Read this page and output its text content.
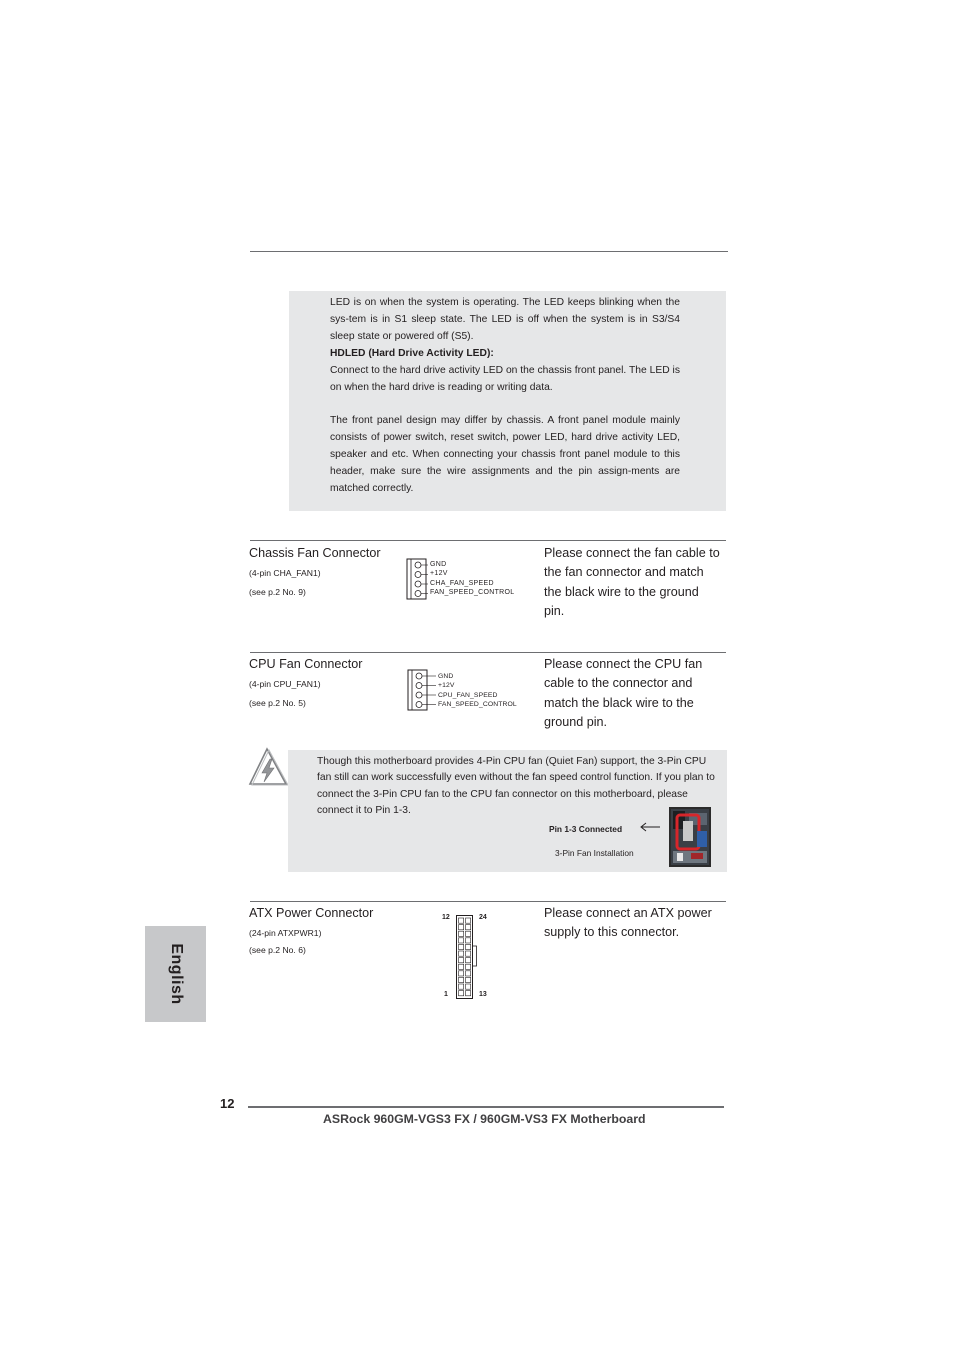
LED is on when the system is operating. The LED keeps blinking when the sys-tem is in S1 sleep state. The LED is off when the system is in S3/S4 sleep state or powered off (S5).
HDLED (Hard Drive Activity LED):
Connect to the hard drive activity LED on the chassis front panel. The LED is on when the hard drive is reading or writing data.
The front panel design may differ by chassis. A front panel module mainly consists of power switch, reset switch, power LED, hard drive activity LED, speaker and etc. When connecting your chassis front panel module to this header, make sure the wire assignments and the pin assign-ments are matched correctly.
Chassis Fan Connector
(4-pin CHA_FAN1)
(see p.2 No. 9)
GND
+12V
CHA_FAN_SPEED
FAN_SPEED_CONTROL
Please connect the fan cable to the fan connector and match the black wire to the ground pin.
CPU Fan Connector
(4-pin CPU_FAN1)
(see p.2 No. 5)
GND
+12V
CPU_FAN_SPEED
FAN_SPEED_CONTROL
Please connect the CPU fan cable to the connector and match the black wire to the ground pin.
Though this motherboard provides 4-Pin CPU fan (Quiet Fan) support, the 3-Pin CPU fan still can work successfully even without the fan speed control function. If you plan to connect the 3-Pin CPU fan to the CPU fan connector on this motherboard, please connect it to Pin 1-3.
Pin 1-3 Connected
3-Pin Fan Installation
ATX Power Connector
(24-pin ATXPWR1)
(see p.2 No. 6)
12	24
1	13
Please connect an ATX power supply to this connector.
English
12
ASRock 960GM-VGS3 FX / 960GM-VS3 FX Motherboard
